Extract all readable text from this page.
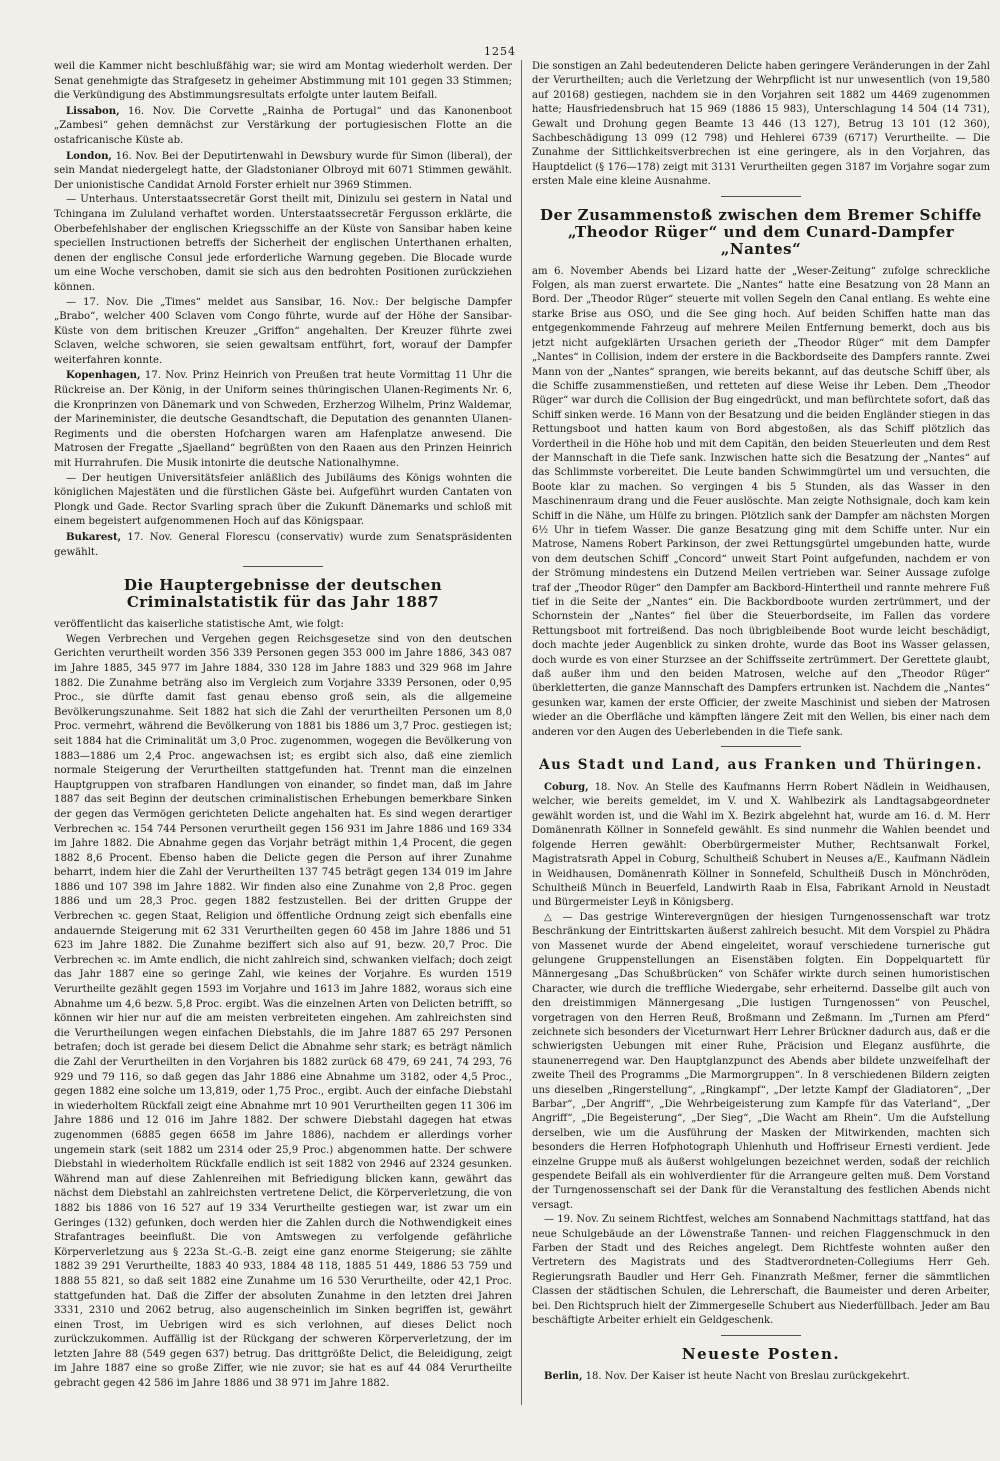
1254

weil die Kammer nicht beschlußfähig war; sie wird am Montag wiederholt werden. Der Senat genehmigte das Strafgesetz in geheimer Abstimmung mit 101 gegen 33 Stimmen; die Verkündigung des Abstimmungsresultats erfolgte unter lautem Beifall.

Lissabon, 16. Nov. Die Corvette „Rainha de Portugal“ und das Kanonenboot „Zambesi“ gehen demnächst zur Verstärkung der portugiesischen Flotte an die ostafricanische Küste ab.

London, 16. Nov. Bei der Deputirtenwahl in Dewsbury wurde für Simon (liberal), der sein Mandat niedergelegt hatte, der Gladstonianer Olbroyd mit 6071 Stimmen gewählt. Der unionistische Candidat Arnold Forster erhielt nur 3969 Stimmen.

— Unterhaus. Unterstaatssecretär Gorst theilt mit, Dinizulu sei gestern in Natal und Tchingana im Zululand verhaftet worden. Unterstaatssecretär Fergusson erklärte, die Oberbefehlshaber der englischen Kriegsschiffe an der Küste von Sansibar haben keine speciellen Instructionen betreffs der Sicherheit der englischen Unterthanen erhalten, denen der englische Consul jede erforderliche Warnung gegeben. Die Blocade wurde um eine Woche verschoben, damit sie sich aus den bedrohten Positionen zurückziehen können.

— 17. Nov. Die „Times“ meldet aus Sansibar, 16. Nov.: Der belgische Dampfer „Brabo“, welcher 400 Sclaven vom Congo führte, wurde auf der Höhe der Sansibar-Küste von dem britischen Kreuzer „Griffon“ angehalten. Der Kreuzer führte zwei Sclaven, welche schworen, sie seien gewaltsam entführt, fort, worauf der Dampfer weiterfahren konnte.

Kopenhagen, 17. Nov. Prinz Heinrich von Preußen trat heute Vormittag 11 Uhr die Rückreise an. Der König, in der Uniform seines thüringischen Ulanen-Regiments Nr. 6, die Kronprinzen von Dänemark und von Schweden, Erzherzog Wilhelm, Prinz Waldemar, der Marineminister, die deutsche Gesandtschaft, die Deputation des genannten Ulanen-Regiments und die obersten Hofchargen waren am Hafenplatze anwesend. Die Matrosen der Fregatte „Sjaelland“ begrüßten von den Raaen aus den Prinzen Heinrich mit Hurrahrufen. Die Musik intonirte die deutsche Nationalhymne.

— Der heutigen Universitätsfeier anläßlich des Jubiläums des Königs wohnten die königlichen Majestäten und die fürstlichen Gäste bei. Aufgeführt wurden Cantaten von Plongk und Gade. Rector Svarling sprach über die Zukunft Dänemarks und schloß mit einem begeistert aufgenommenen Hoch auf das Königspaar.

Bukarest, 17. Nov. General Florescu (conservativ) wurde zum Senatspräsidenten gewählt.

Die Hauptergebnisse der deutschen Criminalstatistik für das Jahr 1887

veröffentlicht das kaiserliche statistische Amt, wie folgt:

Wegen Verbrechen und Vergehen gegen Reichsgesetze sind von den deutschen Gerichten verurtheilt worden 356 339 Personen gegen 353 000 im Jahre 1886, 343 087 im Jahre 1885, 345 977 im Jahre 1884, 330 128 im Jahre 1883 und 329 968 im Jahre 1882. Die Zunahme beträng also im Vergleich zum Vorjahre 3339 Personen, oder 0,95 Proc., sie dürfte damit fast genau ebenso groß sein, als die allgemeine Bevölkerungszunahme. Seit 1882 hat sich die Zahl der verurtheilten Personen um 8,0 Proc. vermehrt, während die Bevölkerung von 1881 bis 1886 um 3,7 Proc. gestiegen ist; seit 1884 hat die Criminalität um 3,0 Proc. zugenommen, wogegen die Bevölkerung von 1883—1886 um 2,4 Proc. angewachsen ist; es ergibt sich also, daß eine ziemlich normale Steigerung der Verurtheilten stattgefunden hat. Trennt man die einzelnen Hauptgruppen von strafbaren Handlungen von einander, so findet man, daß im Jahre 1887 das seit Beginn der deutschen criminalistischen Erhebungen bemerkbare Sinken der gegen das Vermögen gerichteten Delicte angehalten hat. Es sind wegen derartiger Verbrechen ꝛc. 154 744 Personen verurtheilt gegen 156 931 im Jahre 1886 und 169 334 im Jahre 1882. Die Abnahme gegen das Vorjahr beträgt mithin 1,4 Procent, die gegen 1882 8,6 Procent. Ebenso haben die Delicte gegen die Person auf ihrer Zunahme beharrt, indem hier die Zahl der Verurtheilten 137 745 beträgt gegen 134 019 im Jahre 1886 und 107 398 im Jahre 1882. Wir finden also eine Zunahme von 2,8 Proc. gegen 1886 und um 28,3 Proc. gegen 1882 festzustellen. Bei der dritten Gruppe der Verbrechen ꝛc. gegen Staat, Religion und öffentliche Ordnung zeigt sich ebenfalls eine andauernde Steigerung mit 62 331 Verurtheilten gegen 60 458 im Jahre 1886 und 51 623 im Jahre 1882. Die Zunahme beziffert sich also auf 91, bezw. 20,7 Proc. Die Verbrechen ꝛc. im Amte endlich, die nicht zahlreich sind, schwanken vielfach; doch zeigt das Jahr 1887 eine so geringe Zahl, wie keines der Vorjahre. Es wurden 1519 Verurtheilte gezählt gegen 1593 im Vorjahre und 1613 im Jahre 1882, woraus sich eine Abnahme um 4,6 bezw. 5,8 Proc. ergibt. Was die einzelnen Arten von Delicten betrifft, so können wir hier nur auf die am meisten verbreiteten eingehen. Am zahlreichsten sind die Verurtheilungen wegen einfachen Diebstahls, die im Jahre 1887 65 297 Personen betrafen; doch ist gerade bei diesem Delict die Abnahme sehr stark; es beträgt nämlich die Zahl der Verurtheilten in den Vorjahren bis 1882 zurück 68 479, 69 241, 74 293, 76 929 und 79 116, so daß gegen das Jahr 1886 eine Abnahme um 3182, oder 4,5 Proc., gegen 1882 eine solche um 13,819, oder 1,75 Proc., ergibt. Auch der einfache Diebstahl in wiederholtem Rückfall zeigt eine Abnahme mrt 10 901 Verurtheilten gegen 11 306 im Jahre 1886 und 12 016 im Jahre 1882. Der schwere Diebstahl dagegen hat etwas zugenommen (6885 gegen 6658 im Jahre 1886), nachdem er allerdings vorher ungemein stark (seit 1882 um 2314 oder 25,9 Proc.) abgenommen hatte. Der schwere Diebstahl in wiederholtem Rückfalle endlich ist seit 1882 von 2946 auf 2324 gesunken. Während man auf diese Zahlenreihen mit Befriedigung blicken kann, gewährt das nächst dem Diebstahl an zahlreichsten vertretene Delict, die Körperverletzung, die von 1882 bis 1886 von 16 527 auf 19 334 Verurtheilte gestiegen war, ist zwar um ein Geringes (132) gefunken, doch werden hier die Zahlen durch die Nothwendigkeit eines Strafantrages beeinflußt. Die von Amtswegen zu verfolgende gefährliche Körperverletzung aus § 223a St.-G.-B. zeigt eine ganz enorme Steigerung; sie zählte 1882 39 291 Verurtheilte, 1883 40 933, 1884 48 118, 1885 51 449, 1886 53 759 und 1888 55 821, so daß seit 1882 eine Zunahme um 16 530 Verurtheilte, oder 42,1 Proc. stattgefunden hat. Daß die Ziffer der absoluten Zunahme in den letzten drei Jahren 3331, 2310 und 2062 betrug, also augenscheinlich im Sinken begriffen ist, gewährt einen Trost, im Uebrigen wird es sich verlohnen, auf dieses Delict noch zurückzukommen. Auffällig ist der Rückgang der schweren Körperverletzung, der im letzten Jahre 88 (549 gegen 637) betrug. Das drittgrößte Delict, die Beleidigung, zeigt im Jahre 1887 eine so große Ziffer, wie nie zuvor; sie hat es auf 44 084 Verurtheilte gebracht gegen 42 586 im Jahre 1886 und 38 971 im Jahre 1882.

Die sonstigen an Zahl bedeutenderen Delicte haben geringere Veränderungen in der Zahl der Verurtheilten; auch die Verletzung der Wehrpflicht ist nur unwesentlich (von 19,580 auf 20168) gestiegen, nachdem sie in den Vorjahren seit 1882 um 4469 zugenommen hatte; Hausfriedensbruch hat 15 969 (1886 15 983), Unterschlagung 14 504 (14 731), Gewalt und Drohung gegen Beamte 13 446 (13 127), Betrug 13 101 (12 360), Sachbeschädigung 13 099 (12 798) und Hehlerei 6739 (6717) Verurtheilte. — Die Zunahme der Sittlichkeitsverbrechen ist eine geringere, als in den Vorjahren, das Hauptdelict (§ 176—178) zeigt mit 3131 Verurtheilten gegen 3187 im Vorjahre sogar zum ersten Male eine kleine Ausnahme.

Der Zusammenstoß zwischen dem Bremer Schiffe „Theodor Rüger“ und dem Cunard-Dampfer „Nantes“

am 6. November Abends bei Lizard hatte der „Weser-Zeitung“ zufolge schreckliche Folgen, als man zuerst erwartete. Die „Nantes“ hatte eine Besatzung von 28 Mann an Bord. Der „Theodor Rüger“ steuerte mit vollen Segeln den Canal entlang. Es wehte eine starke Brise aus OSO, und die See ging hoch. Auf beiden Schiffen hatte man das entgegenkommende Fahrzeug auf mehrere Meilen Entfernung bemerkt, doch aus bis jetzt nicht aufgeklärten Ursachen gerieth der „Theodor Rüger“ mit dem Dampfer „Nantes“ in Collision, indem der erstere in die Backbordseite des Dampfers rannte. Zwei Mann von der „Nantes“ sprangen, wie bereits bekannt, auf das deutsche Schiff über, als die Schiffe zusammenstießen, und retteten auf diese Weise ihr Leben. Dem „Theodor Rüger“ war durch die Collision der Bug eingedrückt, und man befürchtete sofort, daß das Schiff sinken werde. 16 Mann von der Besatzung und die beiden Engländer stiegen in das Rettungsboot und hatten kaum von Bord abgestoßen, als das Schiff plötzlich das Vordertheil in die Höhe hob und mit dem Capitän, den beiden Steuerleuten und dem Rest der Mannschaft in die Tiefe sank. Inzwischen hatte sich die Besatzung der „Nantes“ auf das Schlimmste vorbereitet. Die Leute banden Schwimmgürtel um und versuchten, die Boote klar zu machen. So vergingen 4 bis 5 Stunden, als das Wasser in den Maschinenraum drang und die Feuer auslöschte. Man zeigte Nothsignale, doch kam kein Schiff in die Nähe, um Hülfe zu bringen. Plötzlich sank der Dampfer am nächsten Morgen 6½ Uhr in tiefem Wasser. Die ganze Besatzung ging mit dem Schiffe unter. Nur ein Matrose, Namens Robert Parkinson, der zwei Rettungsgürtel umgebunden hatte, wurde von dem deutschen Schiff „Concord“ unweit Start Point aufgefunden, nachdem er von der Strömung mindestens ein Dutzend Meilen vertrieben war. Seiner Aussage zufolge traf der „Theodor Rüger“ den Dampfer am Backbord-Hintertheil und rannte mehrere Fuß tief in die Seite der „Nantes“ ein. Die Backbordboote wurden zertrümmert, und der Schornstein der „Nantes“ fiel über die Steuerbordseite, im Fallen das vordere Rettungsboot mit fortreißend. Das noch übrigbleibende Boot wurde leicht beschädigt, doch machte jeder Augenblick zu sinken drohte, wurde das Boot ins Wasser gelassen, doch wurde es von einer Sturzsee an der Schiffsseite zertrümmert. Der Gerettete glaubt, daß außer ihm und den beiden Matrosen, welche auf den „Theodor Rüger“ überkletterten, die ganze Mannschaft des Dampfers ertrunken ist. Nachdem die „Nantes“ gesunken war, kamen der erste Officier, der zweite Maschinist und sieben der Matrosen wieder an die Oberfläche und kämpften längere Zeit mit den Wellen, bis einer nach dem anderen vor den Augen des Ueberlebenden in die Tiefe sank.

Aus Stadt und Land, aus Franken und Thüringen.

Coburg, 18. Nov. An Stelle des Kaufmanns Herrn Robert Nädlein in Weidhausen, welcher, wie bereits gemeldet, im V. und X. Wahlbezirk als Landtagsabgeordneter gewählt worden ist, und die Wahl im X. Bezirk abgelehnt hat, wurde am 16. d. M. Herr Domänenrath Köllner in Sonnefeld gewählt. Es sind nunmehr die Wahlen beendet und folgende Herren gewählt: Oberbürgermeister Muther, Rechtsanwalt Forkel, Magistratsrath Appel in Coburg, Schultheiß Schubert in Neuses a/E., Kaufmann Nädlein in Weidhausen, Domänenrath Köllner in Sonnefeld, Schultheiß Dusch in Mönchröden, Schultheiß Münch in Beuerfeld, Landwirth Raab in Elsa, Fabrikant Arnold in Neustadt und Bürgermeister Leyß in Königsberg.

△ — Das gestrige Winterevergnügen der hiesigen Turngenossenschaft war trotz Beschränkung der Eintrittskarten äußerst zahlreich besucht. Mit dem Vorspiel zu Phädra von Massenet wurde der Abend eingeleitet, worauf verschiedene turnerische gut gelungene Gruppenstellungen an Eisenstäben folgten. Ein Doppelquartett für Männergesang „Das Schußbrücken“ von Schäfer wirkte durch seinen humoristischen Character, wie durch die treffliche Wiedergabe, sehr erheiternd. Dasselbe gilt auch von den dreistimmigen Männergesang „Die lustigen Turngenossen“ von Peuschel, vorgetragen von den Herren Reuß, Broßmann und Zeßmann. Im „Turnen am Pferd“ zeichnete sich besonders der Viceturnwart Herr Lehrer Brückner dadurch aus, daß er die schwierigsten Uebungen mit einer Ruhe, Präcision und Eleganz ausführte, die staunenerregend war. Den Hauptglanzpunct des Abends aber bildete unzweifelhaft der zweite Theil des Programms „Die Marmorgruppen“. In 8 verschiedenen Bildern zeigten uns dieselben „Ringerstellung“, „Ringkampf“, „Der letzte Kampf der Gladiatoren“, „Der Barbar“, „Der Angriff“, „Die Wehrbeigeisterung zum Kampfe für das Vaterland“, „Der Angriff“, „Die Begeisterung“, „Der Sieg“, „Die Wacht am Rhein“. Um die Aufstellung derselben, wie um die Ausführung der Masken der Mitwirkenden, machten sich besonders die Herren Hofphotograph Uhlenhuth und Hoffriseur Ernesti verdient. Jede einzelne Gruppe muß als äußerst wohlgelungen bezeichnet werden, sodaß der reichlich gespendete Beifall als ein wohlverdienter für die Arrangeure gelten muß. Dem Vorstand der Turngenossenschaft sei der Dank für die Veranstaltung des festlichen Abends nicht versagt.

— 19. Nov. Zu seinem Richtfest, welches am Sonnabend Nachmittags stattfand, hat das neue Schulgebäude an der Löwenstraße Tannen- und reichen Flaggenschmuck in den Farben der Stadt und des Reiches angelegt. Dem Richtfeste wohnten außer den Vertretern des Magistrats und des Stadtverordneten-Collegiums Herr Geh. Regierungsrath Baudler und Herr Geh. Finanzrath Meßmer, ferner die sämmtlichen Classen der städtischen Schulen, die Lehrerschaft, die Baumeister und deren Arbeiter, bei. Den Richtspruch hielt der Zimmergeselle Schubert aus Niederfüllbach. Jeder am Bau beschäftigte Arbeiter erhielt ein Geldgeschenk.

Neueste Posten.

Berlin, 18. Nov. Der Kaiser ist heute Nacht von Breslau zurückgekehrt.
